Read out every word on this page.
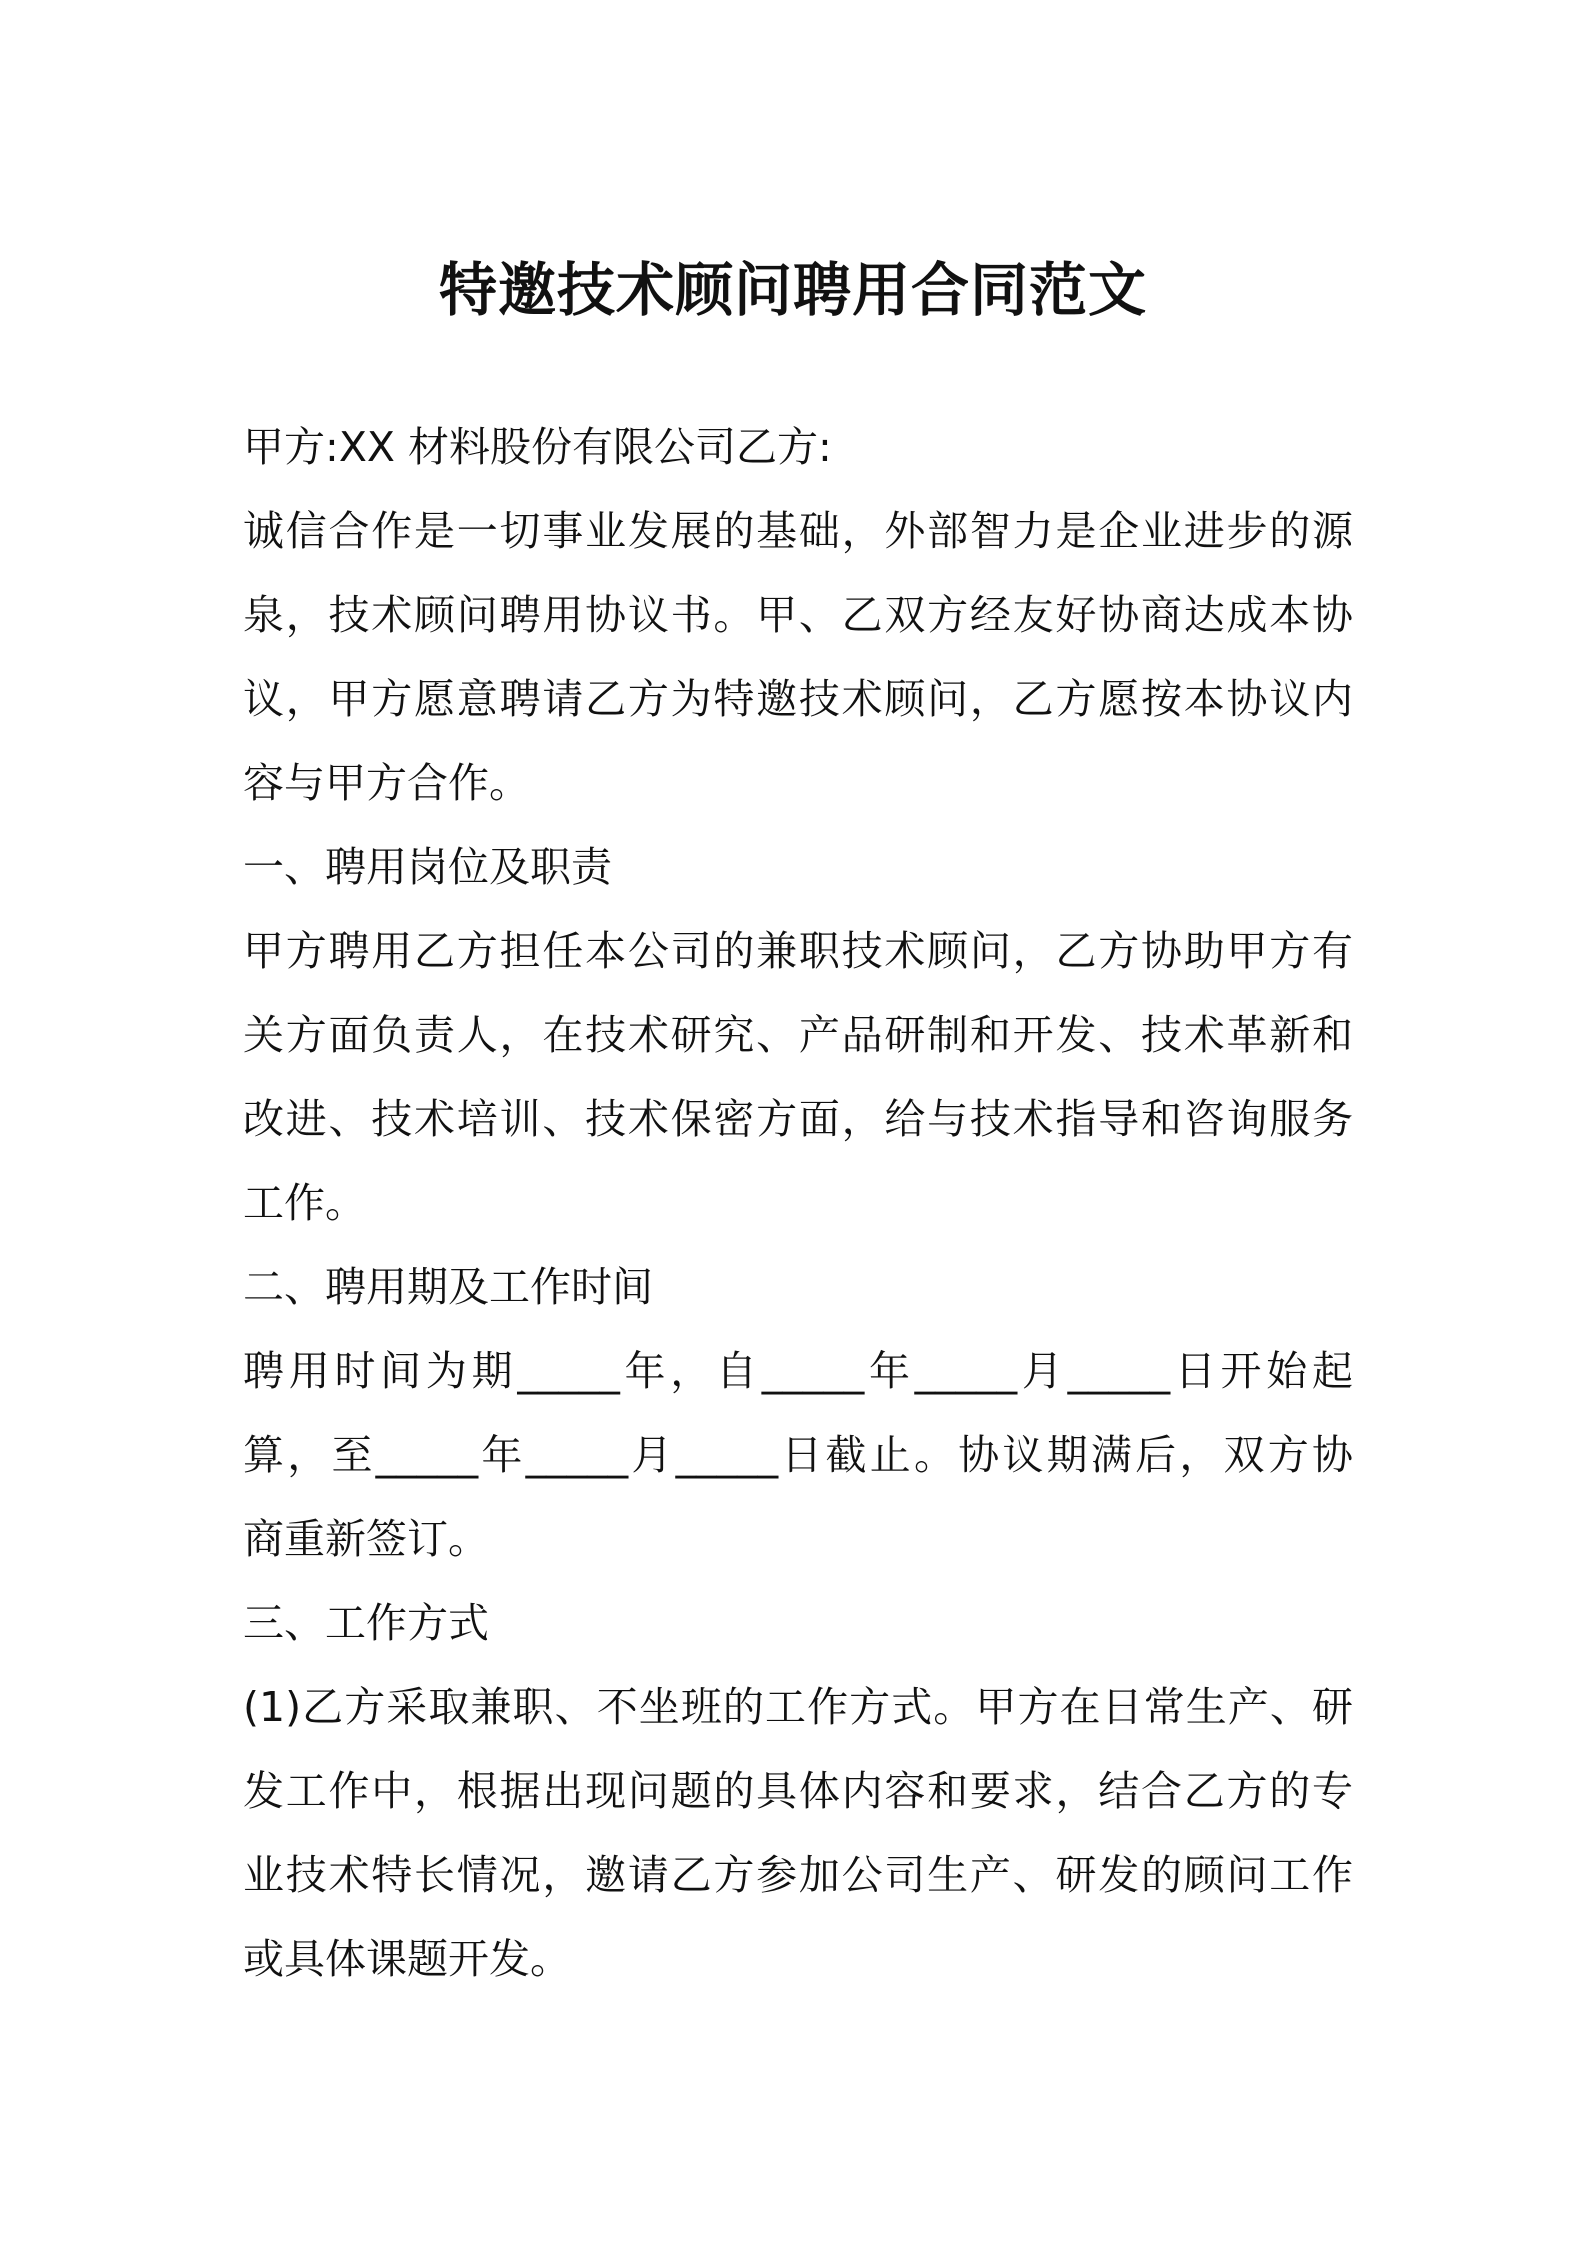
特邀技术顾问聘用合同范文
甲方:XX 材料股份有限公司乙方:
诚信合作是一切事业发展的基础，外部智力是企业进步的源
泉，技术顾问聘用协议书。甲、乙双方经友好协商达成本协
议，甲方愿意聘请乙方为特邀技术顾问，乙方愿按本协议内
容与甲方合作。
一、聘用岗位及职责
甲方聘用乙方担任本公司的兼职技术顾问，乙方协助甲方有
关方面负责人，在技术研究、产品研制和开发、技术革新和
改进、技术培训、技术保密方面，给与技术指导和咨询服务
工作。
二、聘用期及工作时间
聘用时间为期_____年，自_____年_____月_____日开始起
算，至_____年_____月_____日截止。协议期满后，双方协
商重新签订。
三、工作方式
(1)乙方采取兼职、不坐班的工作方式。甲方在日常生产、研
发工作中，根据出现问题的具体内容和要求，结合乙方的专
业技术特长情况，邀请乙方参加公司生产、研发的顾问工作
或具体课题开发。
